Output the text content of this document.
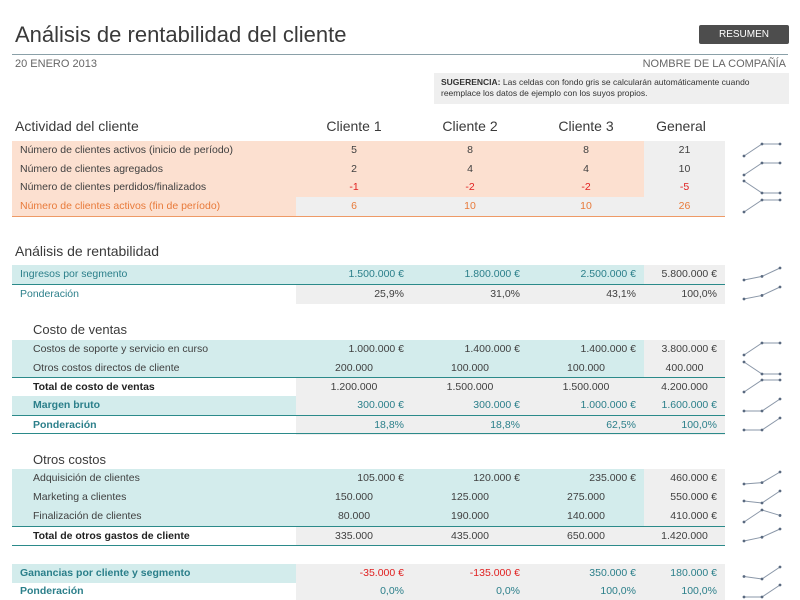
Análisis de rentabilidad del cliente	RESUMEN
20 ENERO 2013	NOMBRE DE LA COMPAÑÍA
SUGERENCIA: Las celdas con fondo gris se calcularán automáticamente cuando reemplace los datos de ejemplo con los suyos propios.
Actividad del cliente	Cliente 1	Cliente 2	Cliente 3	General
Número de clientes activos (inicio de período)	5	8	8	21
Número de clientes agregados	2	4	4	10
Número de clientes perdidos/finalizados	-1	-2	-2	-5
Número de clientes activos (fin de período)	6	10	10	26
Análisis de rentabilidad
Ingresos por segmento	1.500.000 €	1.800.000 €	2.500.000 €	5.800.000 €
Ponderación	25,9%	31,0%	43,1%	100,0%
Costo de ventas
Costos de soporte y servicio en curso	1.000.000 €	1.400.000 €	1.400.000 €	3.800.000 €
Otros costos directos de cliente	200.000	100.000	100.000	400.000
Total de costo de ventas	1.200.000	1.500.000	1.500.000	4.200.000
Margen bruto	300.000 €	300.000 €	1.000.000 €	1.600.000 €
Ponderación	18,8%	18,8%	62,5%	100,0%
Otros costos
Adquisición de clientes	105.000 €	120.000 €	235.000 €	460.000 €
Marketing a clientes	150.000	125.000	275.000	550.000 €
Finalización de clientes	80.000	190.000	140.000	410.000 €
Total de otros gastos de cliente	335.000	435.000	650.000	1.420.000
Ganancias por cliente y segmento	-35.000 €	-135.000 €	350.000 €	180.000 €
Ponderación	0,0%	0,0%	100,0%	100,0%
